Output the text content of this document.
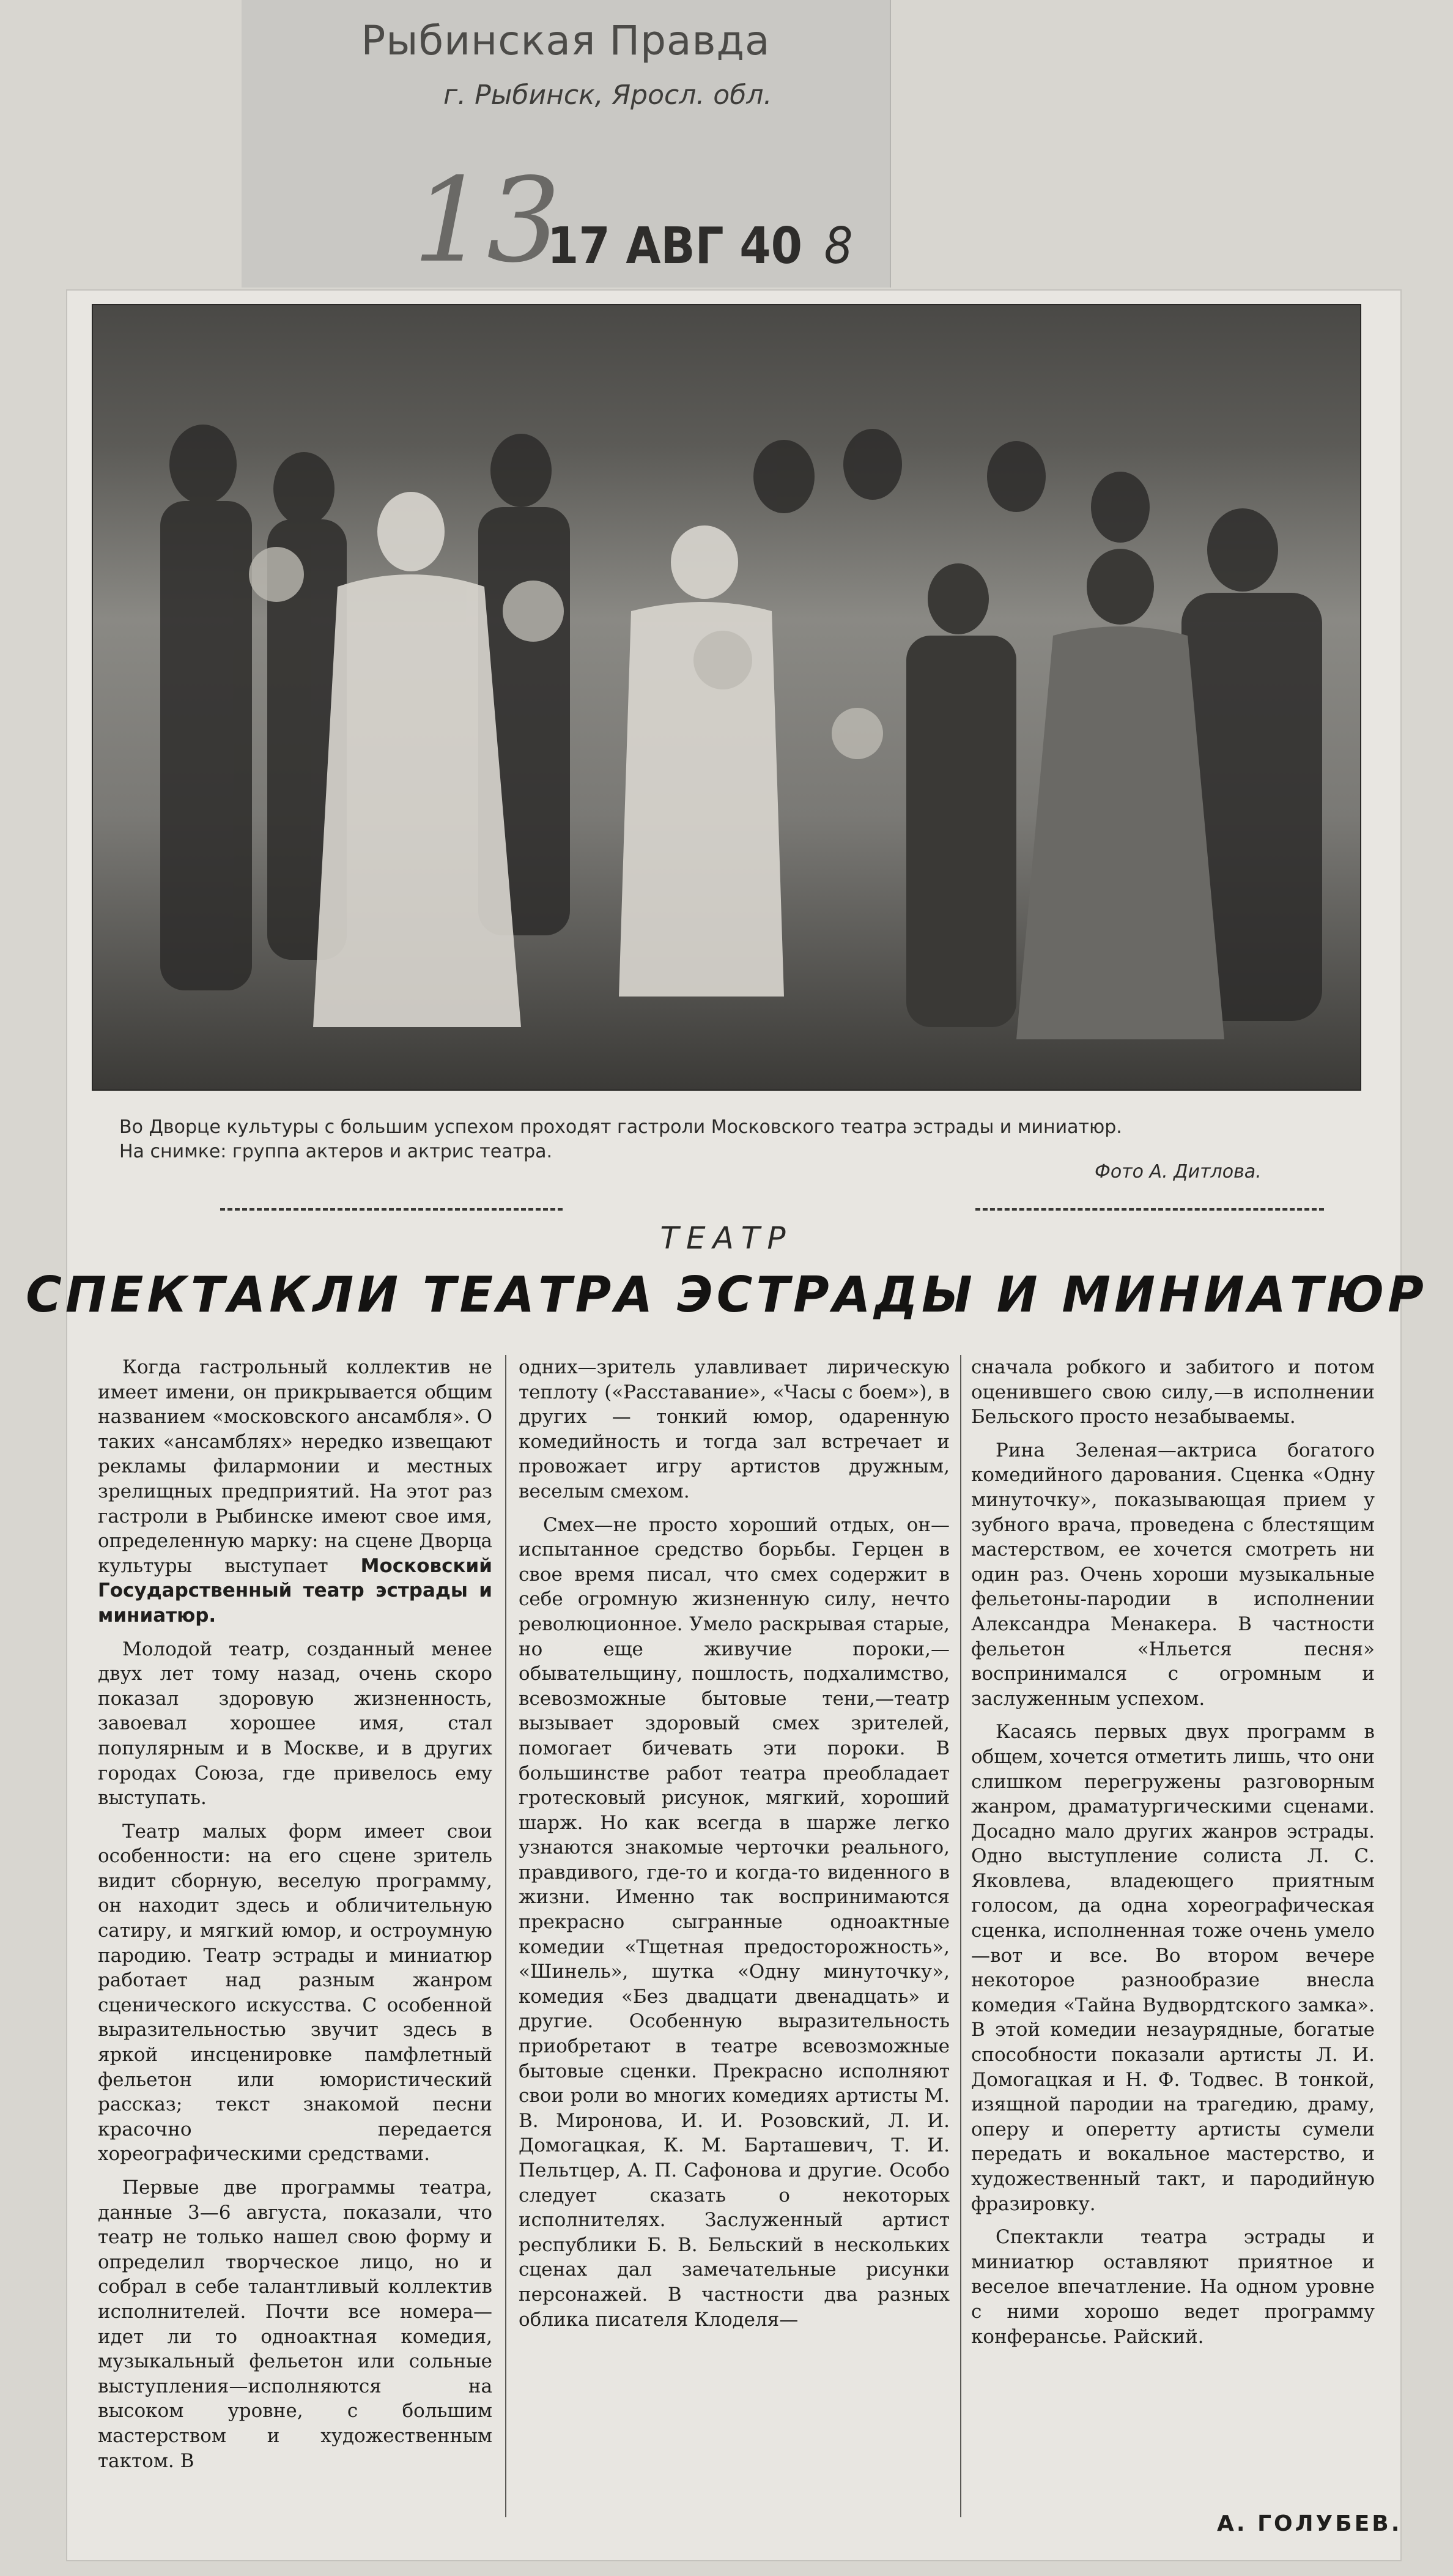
Рыбинская Правда
г. Рыбинск, Яросл. обл.
13
17 АВГ 40 8
Во Дворце культуры с большим успехом проходят гастроли Московского театра эстрады и миниатюр.
На снимке: группа актеров и актрис театра.
Фото А. Дитлова.
ТЕАТР
СПЕКТАКЛИ ТЕАТРА ЭСТРАДЫ И МИНИАТЮР

Когда гастрольный коллектив не имеет имени, он прикрывается общим названием «московского ансамбля». О таких «ансамблях» нередко извещают рекламы филармонии и местных зрелищных предприятий. На этот раз гастроли в Рыбинске имеют свое имя, определенную марку: на сцене Дворца культуры выступает Московский Государственный театр эстрады и миниатюр.

Молодой театр, созданный менее двух лет тому назад, очень скоро показал здоровую жизненность, завоевал хорошее имя, стал популярным и в Москве, и в других городах Союза, где привелось ему выступать.

Театр малых форм имеет свои особенности: на его сцене зритель видит сборную, веселую программу, он находит здесь и обличительную сатиру, и мягкий юмор, и остроумную пародию. Театр эстрады и миниатюр работает над разным жанром сценического искусства. С особенной выразительностью звучит здесь в яркой инсценировке памфлетный фельетон или юмористический рассказ; текст знакомой песни красочно передается хореографическими средствами.

Первые две программы театра, данные 3—6 августа, показали, что театр не только нашел свою форму и определил творческое лицо, но и собрал в себе талантливый коллектив исполнителей. Почти все номера—идет ли то одноактная комедия, музыкальный фельетон или сольные выступления—исполняются на высоком уровне, с большим мастерством и художественным тактом. В

одних—зритель улавливает лирическую теплоту («Расставание», «Часы с боем»), в других — тонкий юмор, одаренную комедийность и тогда зал встречает и провожает игру артистов дружным, веселым смехом.

Смех—не просто хороший отдых, он—испытанное средство борьбы. Герцен в свое время писал, что смех содержит в себе огромную жизненную силу, нечто революционное. Умело раскрывая старые, но еще живучие пороки,—обывательщину, пошлость, подхалимство, всевозможные бытовые тени,—театр вызывает здоровый смех зрителей, помогает бичевать эти пороки. В большинстве работ театра преобладает гротесковый рисунок, мягкий, хороший шарж. Но как всегда в шарже легко узнаются знакомые черточки реального, правдивого, где-то и когда-то виденного в жизни. Именно так воспринимаются прекрасно сыгранные одноактные комедии «Тщетная предосторожность», «Шинель», шутка «Одну минуточку», комедия «Без двадцати двенадцать» и другие. Особенную выразительность приобретают в театре всевозможные бытовые сценки. Прекрасно исполняют свои роли во многих комедиях артисты М. В. Миронова, И. И. Розовский, Л. И. Домогацкая, К. М. Барташевич, Т. И. Пельтцер, А. П. Сафонова и другие. Особо следует сказать о некоторых исполнителях. Заслуженный артист республики Б. В. Бельский в нескольких сценах дал замечательные рисунки персонажей. В частности два разных облика писателя Клоделя—

сначала робкого и забитого и потом оценившего свою силу,—в исполнении Бельского просто незабываемы.

Рина Зеленая—актриса богатого комедийного дарования. Сценка «Одну минуточку», показывающая прием у зубного врача, проведена с блестящим мастерством, ее хочется смотреть ни один раз. Очень хороши музыкальные фельетоны-пародии в исполнении Александра Менакера. В частности фельетон «Нльется песня» воспринимался с огромным и заслуженным успехом.

Касаясь первых двух программ в общем, хочется отметить лишь, что они слишком перегружены разговорным жанром, драматургическими сценами. Досадно мало других жанров эстрады. Одно выступление солиста Л. С. Яковлева, владеющего приятным голосом, да одна хореографическая сценка, исполненная тоже очень умело—вот и все. Во втором вечере некоторое разнообразие внесла комедия «Тайна Вудвордтского замка». В этой комедии незаурядные, богатые способности показали артисты Л. И. Домогацкая и Н. Ф. Тодвес. В тонкой, изящной пародии на трагедию, драму, оперу и оперетту артисты сумели передать и вокальное мастерство, и художественный такт, и пародийную фразировку.

Спектакли театра эстрады и миниатюр оставляют приятное и веселое впечатление. На одном уровне с ними хорошо ведет программу конферансье. Райский.

А. ГОЛУБЕВ.
